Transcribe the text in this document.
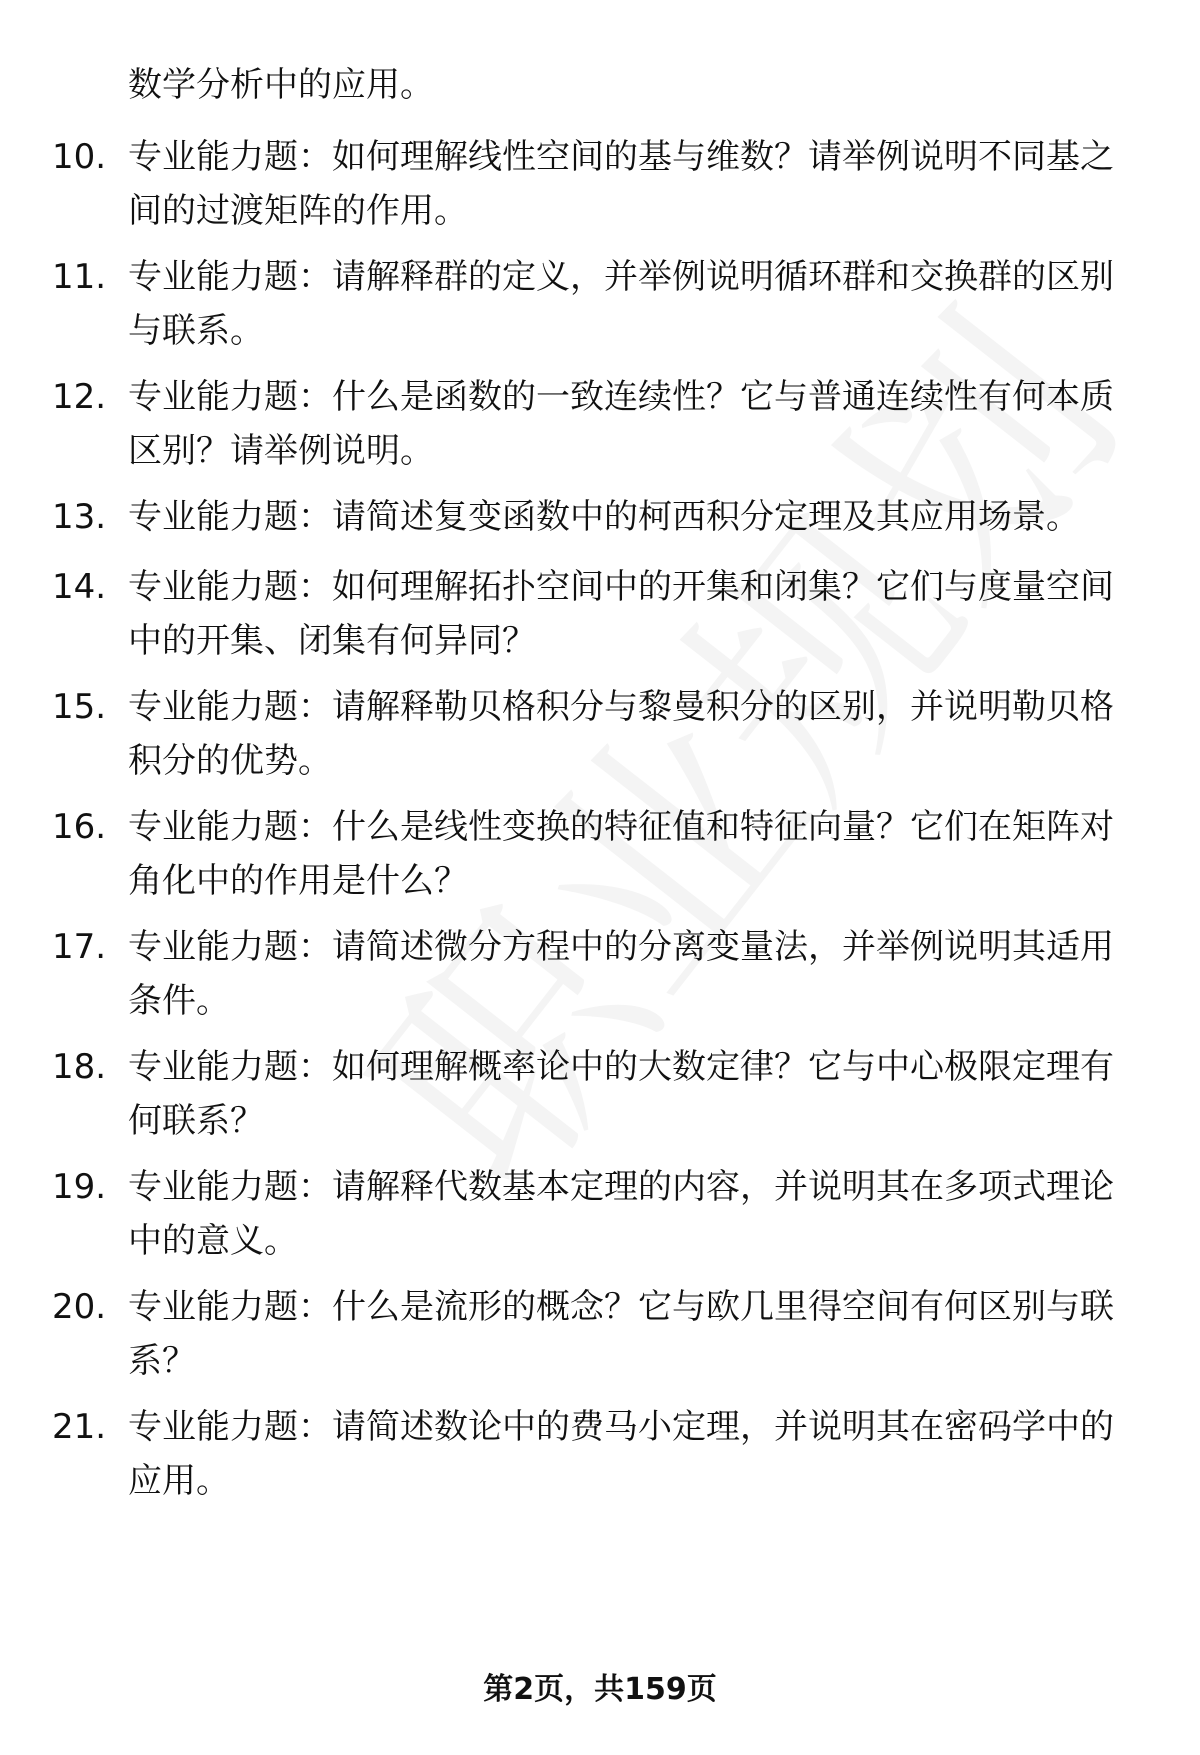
数学分析中的应用。
10. 专业能力题：如何理解线性空间的基与维数？请举例说明不同基之间的过渡矩阵的作用。
11. 专业能力题：请解释群的定义，并举例说明循环群和交换群的区别与联系。
12. 专业能力题：什么是函数的一致连续性？它与普通连续性有何本质区别？请举例说明。
13. 专业能力题：请简述复变函数中的柯西积分定理及其应用场景。
14. 专业能力题：如何理解拓扑空间中的开集和闭集？它们与度量空间中的开集、闭集有何异同？
15. 专业能力题：请解释勒贝格积分与黎曼积分的区别，并说明勒贝格积分的优势。
16. 专业能力题：什么是线性变换的特征值和特征向量？它们在矩阵对角化中的作用是什么？
17. 专业能力题：请简述微分方程中的分离变量法，并举例说明其适用条件。
18. 专业能力题：如何理解概率论中的大数定律？它与中心极限定理有何联系？
19. 专业能力题：请解释代数基本定理的内容，并说明其在多项式理论中的意义。
20. 专业能力题：什么是流形的概念？它与欧几里得空间有何区别与联系？
21. 专业能力题：请简述数论中的费马小定理，并说明其在密码学中的应用。
第2页，共159页
